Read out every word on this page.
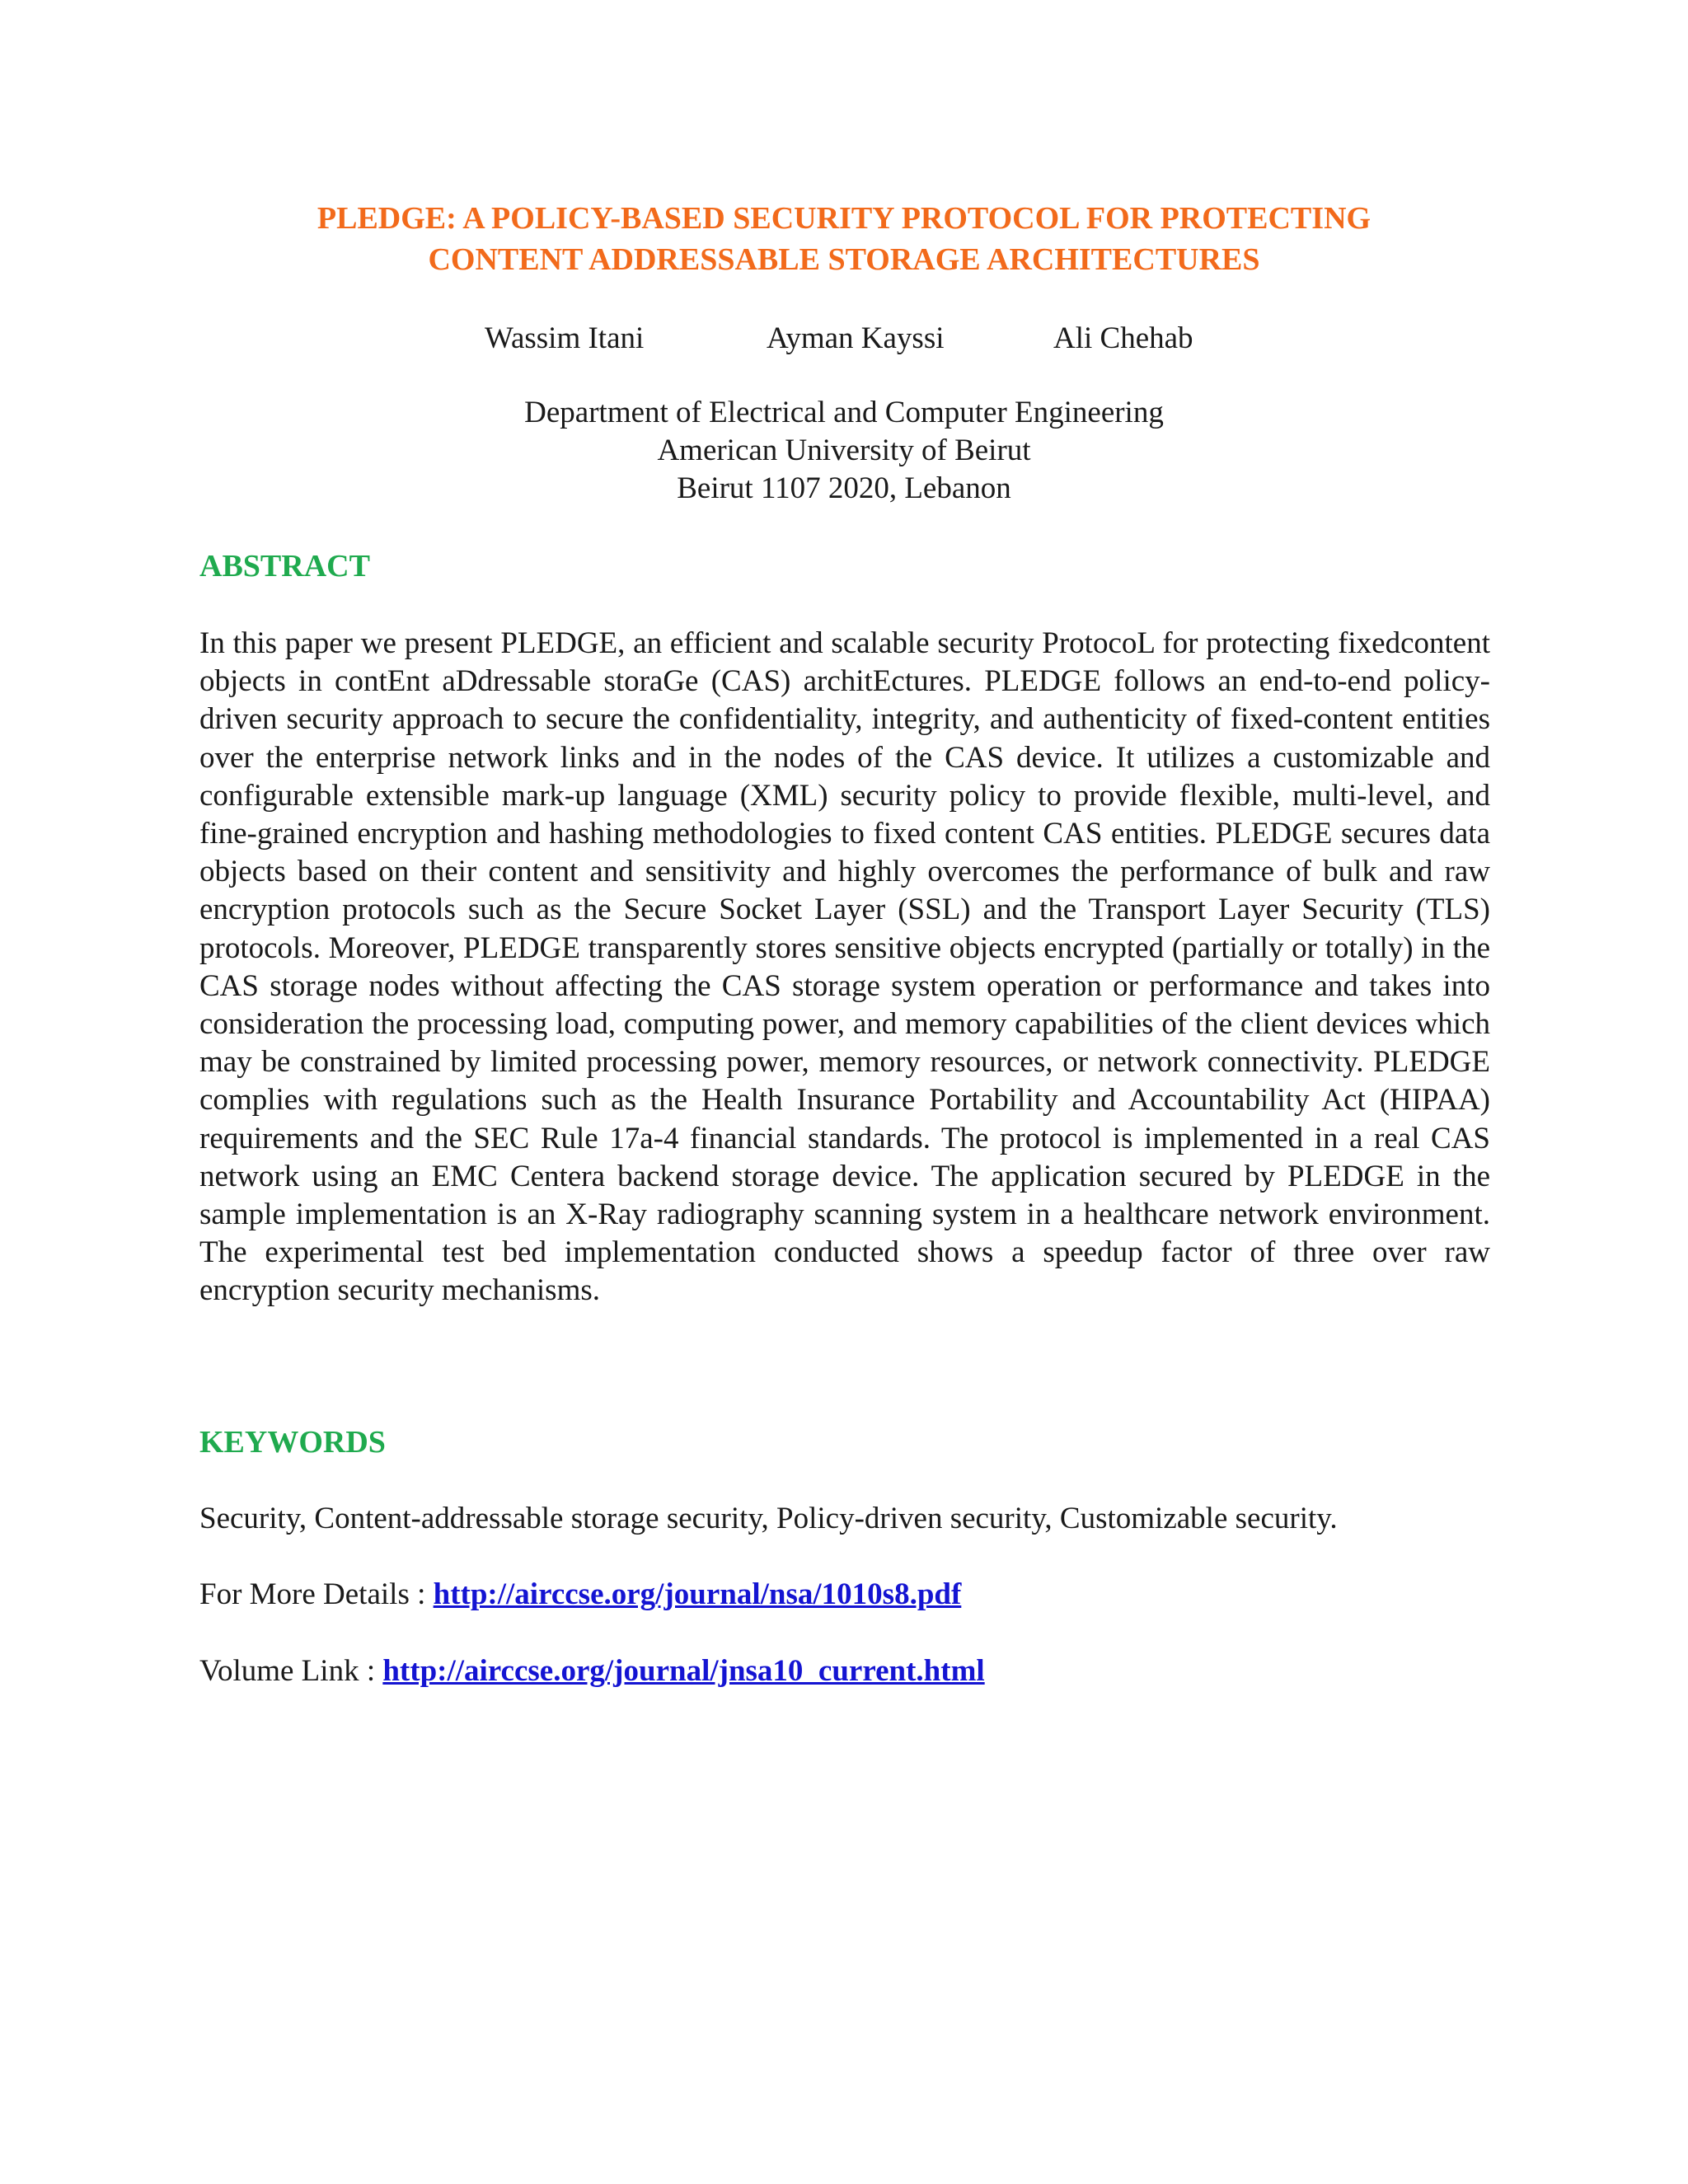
PLEDGE: A POLICY-BASED SECURITY PROTOCOL FOR PROTECTING
CONTENT ADDRESSABLE STORAGE ARCHITECTURES
Wassim Itani	Ayman Kayssi	Ali Chehab
Department of Electrical and Computer Engineering
American University of Beirut
Beirut 1107 2020, Lebanon
ABSTRACT

In this paper we present PLEDGE, an efficient and scalable security ProtocoL for protecting fixedcontent objects in contEnt aDdressable storaGe (CAS) architEctures. PLEDGE follows an end-to-end policy-driven security approach to secure the confidentiality, integrity, and authenticity of fixed-content entities over the enterprise network links and in the nodes of the CAS device. It utilizes a customizable and configurable extensible mark-up language (XML) security policy to provide flexible, multi-level, and fine-grained encryption and hashing methodologies to fixed content CAS entities. PLEDGE secures data objects based on their content and sensitivity and highly overcomes the performance of bulk and raw encryption protocols such as the Secure Socket Layer (SSL) and the Transport Layer Security (TLS) protocols. Moreover, PLEDGE transparently stores sensitive objects encrypted (partially or totally) in the CAS storage nodes without affecting the CAS storage system operation or performance and takes into consideration the processing load, computing power, and memory capabilities of the client devices which may be constrained by limited processing power, memory resources, or network connectivity. PLEDGE complies with regulations such as the Health Insurance Portability and Accountability Act (HIPAA) requirements and the SEC Rule 17a-4 financial standards. The protocol is implemented in a real CAS network using an EMC Centera backend storage device. The application secured by PLEDGE in the sample implementation is an X-Ray radiography scanning system in a healthcare network environment. The experimental test bed implementation conducted shows a speedup factor of three over raw encryption security mechanisms.

KEYWORDS

Security, Content-addressable storage security, Policy-driven security, Customizable security.

For More Details : http://airccse.org/journal/nsa/1010s8.pdf

Volume Link : http://airccse.org/journal/jnsa10_current.html
